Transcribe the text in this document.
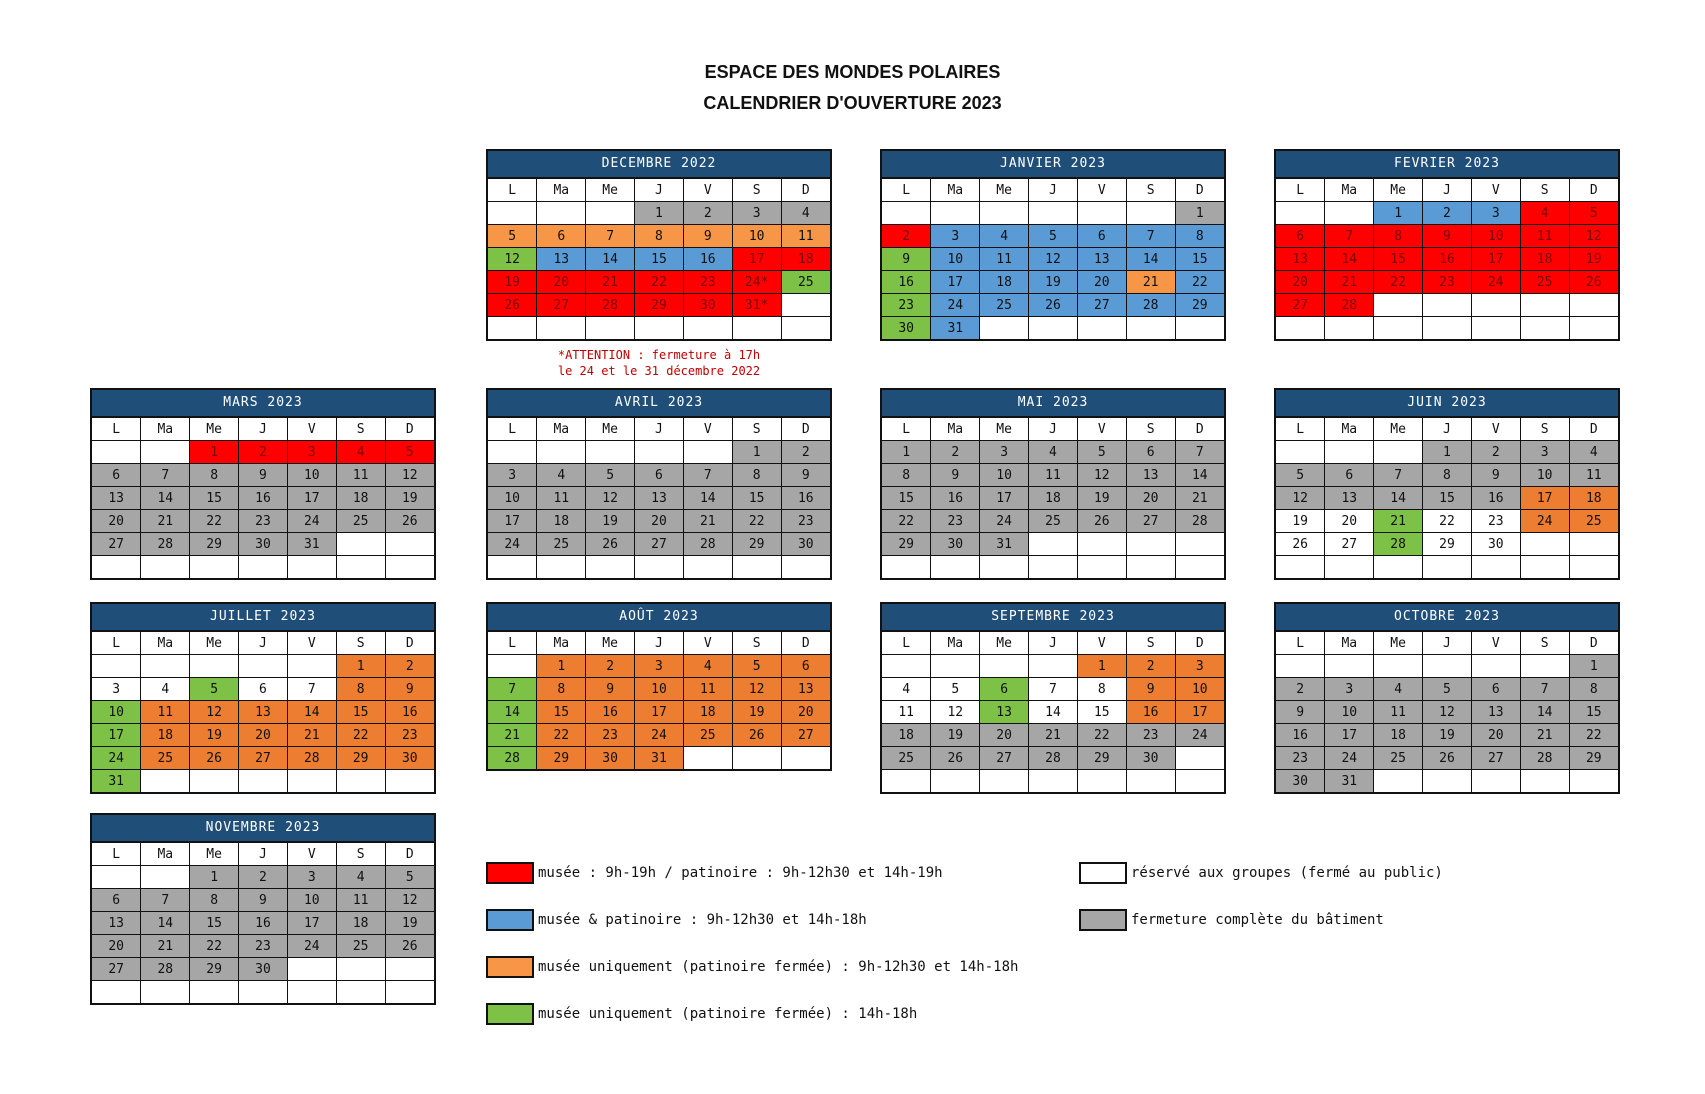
ESPACE DES MONDES POLAIRES
CALENDRIER D'OUVERTURE 2023
DECEMBRE 2022
L	Ma	Me	J	V	S	D
			1	2	3	4
5	6	7	8	9	10	11
12	13	14	15	16	17	18
19	20	21	22	23	24*	25
26	27	28	29	30	31*	

JANVIER 2023
L	Ma	Me	J	V	S	D
						1
2	3	4	5	6	7	8
9	10	11	12	13	14	15
16	17	18	19	20	21	22
23	24	25	26	27	28	29
30	31					
FEVRIER 2023
L	Ma	Me	J	V	S	D
		1	2	3	4	5
6	7	8	9	10	11	12
13	14	15	16	17	18	19
20	21	22	23	24	25	26
27	28					

MARS 2023
L	Ma	Me	J	V	S	D
		1	2	3	4	5
6	7	8	9	10	11	12
13	14	15	16	17	18	19
20	21	22	23	24	25	26
27	28	29	30	31		

AVRIL 2023
L	Ma	Me	J	V	S	D
					1	2
3	4	5	6	7	8	9
10	11	12	13	14	15	16
17	18	19	20	21	22	23
24	25	26	27	28	29	30

MAI 2023
L	Ma	Me	J	V	S	D
1	2	3	4	5	6	7
8	9	10	11	12	13	14
15	16	17	18	19	20	21
22	23	24	25	26	27	28
29	30	31				

JUIN 2023
L	Ma	Me	J	V	S	D
			1	2	3	4
5	6	7	8	9	10	11
12	13	14	15	16	17	18
19	20	21	22	23	24	25
26	27	28	29	30		

JUILLET 2023
L	Ma	Me	J	V	S	D
					1	2
3	4	5	6	7	8	9
10	11	12	13	14	15	16
17	18	19	20	21	22	23
24	25	26	27	28	29	30
31						
AOÛT 2023
L	Ma	Me	J	V	S	D
	1	2	3	4	5	6
7	8	9	10	11	12	13
14	15	16	17	18	19	20
21	22	23	24	25	26	27
28	29	30	31			
SEPTEMBRE 2023
L	Ma	Me	J	V	S	D
				1	2	3
4	5	6	7	8	9	10
11	12	13	14	15	16	17
18	19	20	21	22	23	24
25	26	27	28	29	30	

OCTOBRE 2023
L	Ma	Me	J	V	S	D
						1
2	3	4	5	6	7	8
9	10	11	12	13	14	15
16	17	18	19	20	21	22
23	24	25	26	27	28	29
30	31					
NOVEMBRE 2023
L	Ma	Me	J	V	S	D
		1	2	3	4	5
6	7	8	9	10	11	12
13	14	15	16	17	18	19
20	21	22	23	24	25	26
27	28	29	30			

*ATTENTION : fermeture à 17h
le 24 et le 31 décembre 2022
musée : 9h-19h / patinoire : 9h-12h30 et 14h-19h
musée & patinoire : 9h-12h30 et 14h-18h
musée uniquement (patinoire fermée) : 9h-12h30 et 14h-18h
musée uniquement (patinoire fermée) : 14h-18h
réservé aux groupes (fermé au public)
fermeture complète du bâtiment
